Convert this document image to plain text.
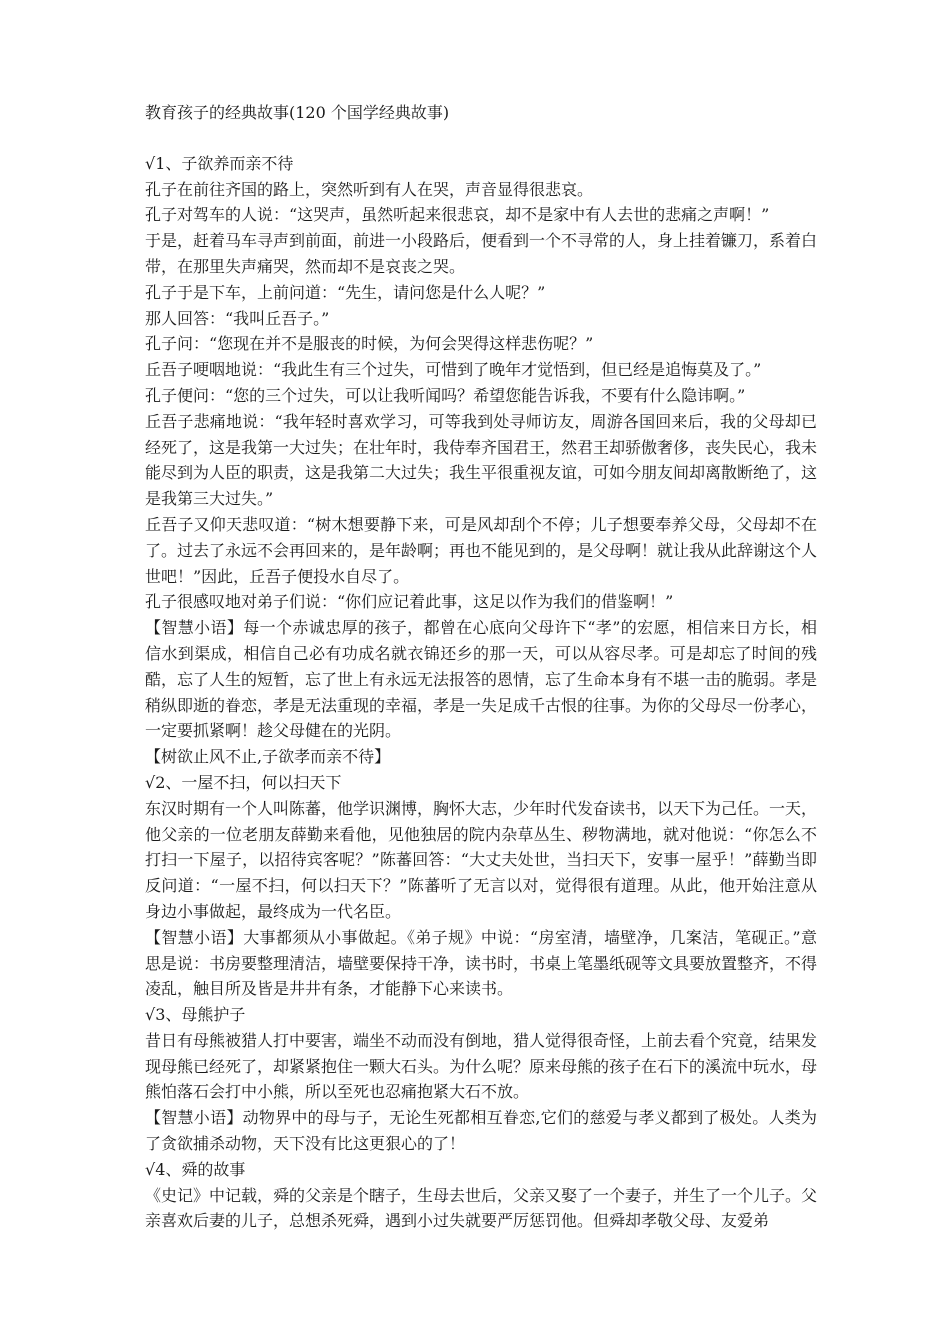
教育孩子的经典故事(120 个国学经典故事)

√1、子欲养而亲不待

孔子在前往齐国的路上，突然听到有人在哭，声音显得很悲哀。

孔子对驾车的人说：“这哭声，虽然听起来很悲哀，却不是家中有人去世的悲痛之声啊！”

于是，赶着马车寻声到前面，前进一小段路后，便看到一个不寻常的人，身上挂着镰刀，系着白带，在那里失声痛哭，然而却不是哀丧之哭。

孔子于是下车，上前问道：“先生，请问您是什么人呢？”

那人回答：“我叫丘吾子。”

孔子问：“您现在并不是服丧的时候，为何会哭得这样悲伤呢？”

丘吾子哽咽地说：“我此生有三个过失，可惜到了晚年才觉悟到，但已经是追悔莫及了。”

孔子便问：“您的三个过失，可以让我听闻吗？希望您能告诉我，不要有什么隐讳啊。”

丘吾子悲痛地说：“我年轻时喜欢学习，可等我到处寻师访友，周游各国回来后，我的父母却已经死了，这是我第一大过失；在壮年时，我侍奉齐国君王，然君王却骄傲奢侈，丧失民心，我未能尽到为人臣的职责，这是我第二大过失；我生平很重视友谊，可如今朋友间却离散断绝了，这是我第三大过失。”

丘吾子又仰天悲叹道：“树木想要静下来，可是风却刮个不停；儿子想要奉养父母，父母却不在了。过去了永远不会再回来的，是年龄啊；再也不能见到的，是父母啊！就让我从此辞谢这个人世吧！”因此，丘吾子便投水自尽了。

孔子很感叹地对弟子们说：“你们应记着此事，这足以作为我们的借鉴啊！”

【智慧小语】每一个赤诚忠厚的孩子，都曾在心底向父母许下“孝”的宏愿，相信来日方长，相信水到渠成，相信自己必有功成名就衣锦还乡的那一天，可以从容尽孝。可是却忘了时间的残酷，忘了人生的短暂，忘了世上有永远无法报答的恩情，忘了生命本身有不堪一击的脆弱。孝是稍纵即逝的眷恋，孝是无法重现的幸福，孝是一失足成千古恨的往事。为你的父母尽一份孝心，一定要抓紧啊！趁父母健在的光阴。

【树欲止风不止,子欲孝而亲不待】

√2、一屋不扫，何以扫天下

东汉时期有一个人叫陈蕃，他学识渊博，胸怀大志，少年时代发奋读书，以天下为己任。一天，他父亲的一位老朋友薛勤来看他，见他独居的院内杂草丛生、秽物满地，就对他说：“你怎么不打扫一下屋子，以招待宾客呢？”陈蕃回答：“大丈夫处世，当扫天下，安事一屋乎！”薛勤当即反问道：“一屋不扫，何以扫天下？”陈蕃听了无言以对，觉得很有道理。从此，他开始注意从身边小事做起，最终成为一代名臣。

【智慧小语】大事都须从小事做起。《弟子规》中说：“房室清，墙壁净，几案洁，笔砚正。”意思是说：书房要整理清洁，墙壁要保持干净，读书时，书桌上笔墨纸砚等文具要放置整齐，不得凌乱，触目所及皆是井井有条，才能静下心来读书。

√3、母熊护子

昔日有母熊被猎人打中要害，端坐不动而没有倒地，猎人觉得很奇怪，上前去看个究竟，结果发现母熊已经死了，却紧紧抱住一颗大石头。为什么呢？原来母熊的孩子在石下的溪流中玩水，母熊怕落石会打中小熊，所以至死也忍痛抱紧大石不放。

【智慧小语】动物界中的母与子，无论生死都相互眷恋,它们的慈爱与孝义都到了极处。人类为了贪欲捕杀动物，天下没有比这更狠心的了！

√4、舜的故事

《史记》中记载，舜的父亲是个瞎子，生母去世后，父亲又娶了一个妻子，并生了一个儿子。父亲喜欢后妻的儿子，总想杀死舜，遇到小过失就要严厉惩罚他。但舜却孝敬父母、友爱弟
